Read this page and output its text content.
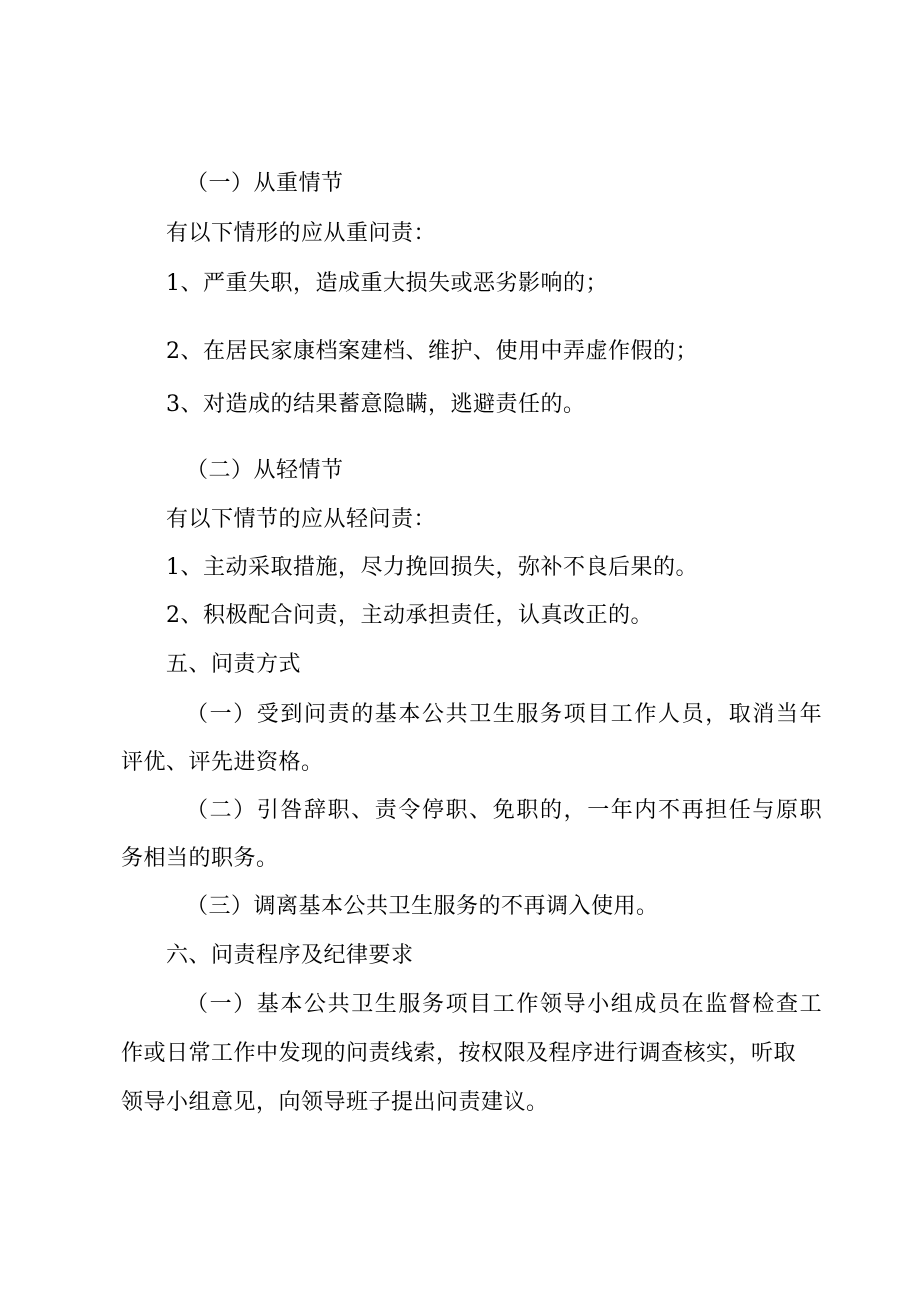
（一）从重情节
有以下情形的应从重问责：
1、严重失职，造成重大损失或恶劣影响的；
2、在居民家康档案建档、维护、使用中弄虚作假的；
3、对造成的结果蓄意隐瞒，逃避责任的。
（二）从轻情节
有以下情节的应从轻问责：
1、主动采取措施，尽力挽回损失，弥补不良后果的。
2、积极配合问责，主动承担责任，认真改正的。
五、问责方式
（一）受到问责的基本公共卫生服务项目工作人员，取消当年
评优、评先进资格。
（二）引咎辞职、责令停职、免职的，一年内不再担任与原职
务相当的职务。
（三）调离基本公共卫生服务的不再调入使用。
六、问责程序及纪律要求
（一）基本公共卫生服务项目工作领导小组成员在监督检查工
作或日常工作中发现的问责线索，按权限及程序进行调查核实，听取
领导小组意见，向领导班子提出问责建议。
